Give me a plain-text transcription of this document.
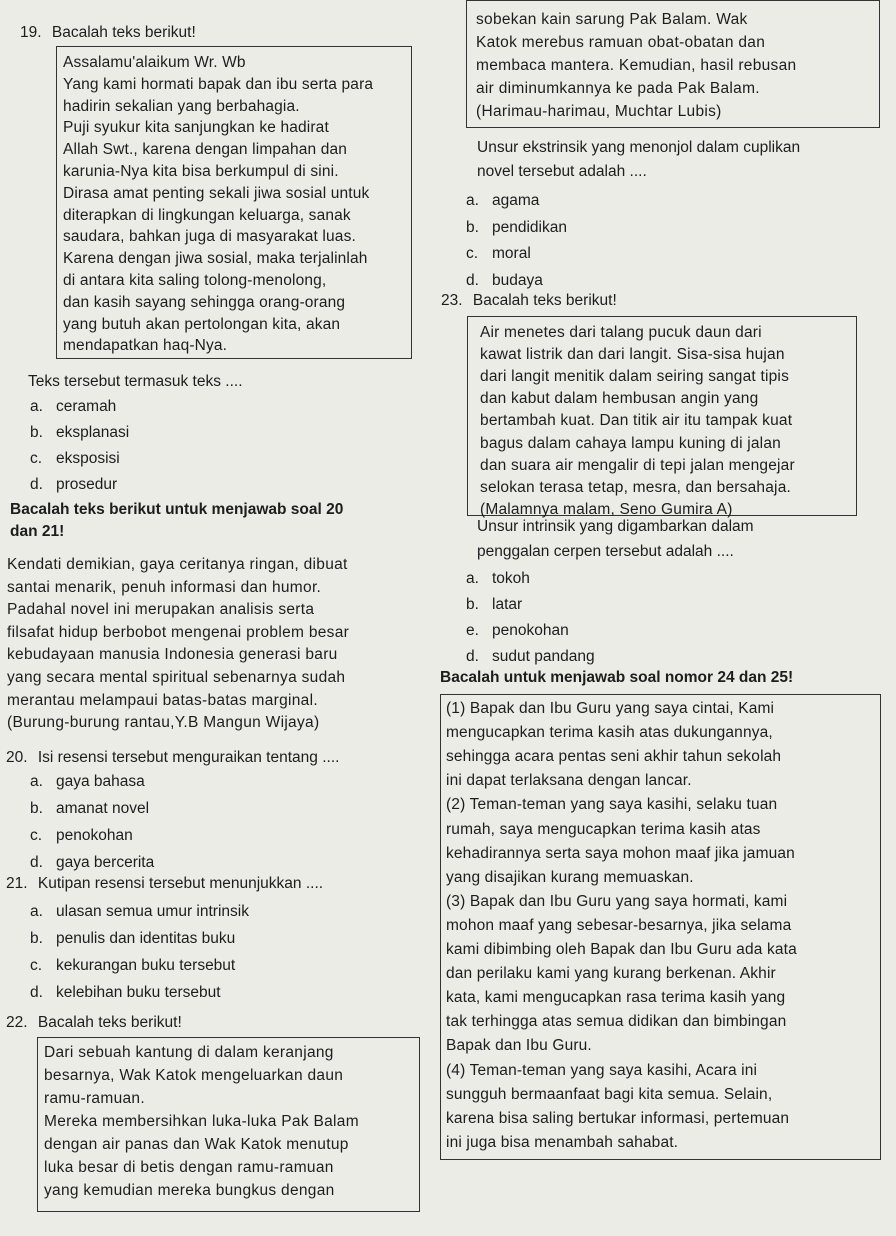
19. Bacalah teks berikut!
Assalamu'alaikum Wr. Wb
Yang kami hormati bapak dan ibu serta para
hadirin sekalian yang berbahagia.
Puji syukur kita sanjungkan ke hadirat
Allah Swt., karena dengan limpahan dan
karunia-Nya kita bisa berkumpul di sini.
Dirasa amat penting sekali jiwa sosial untuk
diterapkan di lingkungan keluarga, sanak
saudara, bahkan juga di masyarakat luas.
Karena dengan jiwa sosial, maka terjalinlah
di antara kita saling tolong-menolong,
dan kasih sayang sehingga orang-orang
yang butuh akan pertolongan kita, akan
mendapatkan haq-Nya.
Teks tersebut termasuk teks ....
a. ceramah
b. eksplanasi
c. eksposisi
d. prosedur
Bacalah teks berikut untuk menjawab soal 20
dan 21!
Kendati demikian, gaya ceritanya ringan, dibuat
santai menarik, penuh informasi dan humor.
Padahal novel ini merupakan analisis serta
filsafat hidup berbobot mengenai problem besar
kebudayaan manusia Indonesia generasi baru
yang secara mental spiritual sebenarnya sudah
merantau melampaui batas-batas marginal.
(Burung-burung rantau,Y.B Mangun Wijaya)
20. Isi resensi tersebut menguraikan tentang ....
a. gaya bahasa
b. amanat novel
c. penokohan
d. gaya bercerita
21. Kutipan resensi tersebut menunjukkan ....
a. ulasan semua umur intrinsik
b. penulis dan identitas buku
c. kekurangan buku tersebut
d. kelebihan buku tersebut
22. Bacalah teks berikut!
Dari sebuah kantung di dalam keranjang
besarnya, Wak Katok mengeluarkan daun
ramu-ramuan.
Mereka membersihkan luka-luka Pak Balam
dengan air panas dan Wak Katok menutup
luka besar di betis dengan ramu-ramuan
yang kemudian mereka bungkus dengan
sobekan kain sarung Pak Balam. Wak
Katok merebus ramuan obat-obatan dan
membaca mantera. Kemudian, hasil rebusan
air diminumkannya ke pada Pak Balam.
(Harimau-harimau, Muchtar Lubis)
Unsur ekstrinsik yang menonjol dalam cuplikan
novel tersebut adalah ....
a. agama
b. pendidikan
c. moral
d. budaya
23. Bacalah teks berikut!
Air menetes dari talang pucuk daun dari
kawat listrik dan dari langit. Sisa-sisa hujan
dari langit menitik dalam seiring sangat tipis
dan kabut dalam hembusan angin yang
bertambah kuat. Dan titik air itu tampak kuat
bagus dalam cahaya lampu kuning di jalan
dan suara air mengalir di tepi jalan mengejar
selokan terasa tetap, mesra, dan bersahaja.
(Malamnya malam, Seno Gumira A)
Unsur intrinsik yang digambarkan dalam
penggalan cerpen tersebut adalah ....
a. tokoh
b. latar
e. penokohan
d. sudut pandang
Bacalah untuk menjawab soal nomor 24 dan 25!
(1) Bapak dan Ibu Guru yang saya cintai, Kami
mengucapkan terima kasih atas dukungannya,
sehingga acara pentas seni akhir tahun sekolah
ini dapat terlaksana dengan lancar.
(2) Teman-teman yang saya kasihi, selaku tuan
rumah, saya mengucapkan terima kasih atas
kehadirannya serta saya mohon maaf jika jamuan
yang disajikan kurang memuaskan.
(3) Bapak dan Ibu Guru yang saya hormati, kami
mohon maaf yang sebesar-besarnya, jika selama
kami dibimbing oleh Bapak dan Ibu Guru ada kata
dan perilaku kami yang kurang berkenan. Akhir
kata, kami mengucapkan rasa terima kasih yang
tak terhingga atas semua didikan dan bimbingan
Bapak dan Ibu Guru.
(4) Teman-teman yang saya kasihi, Acara ini
sungguh bermaanfaat bagi kita semua. Selain,
karena bisa saling bertukar informasi, pertemuan
ini juga bisa menambah sahabat.
